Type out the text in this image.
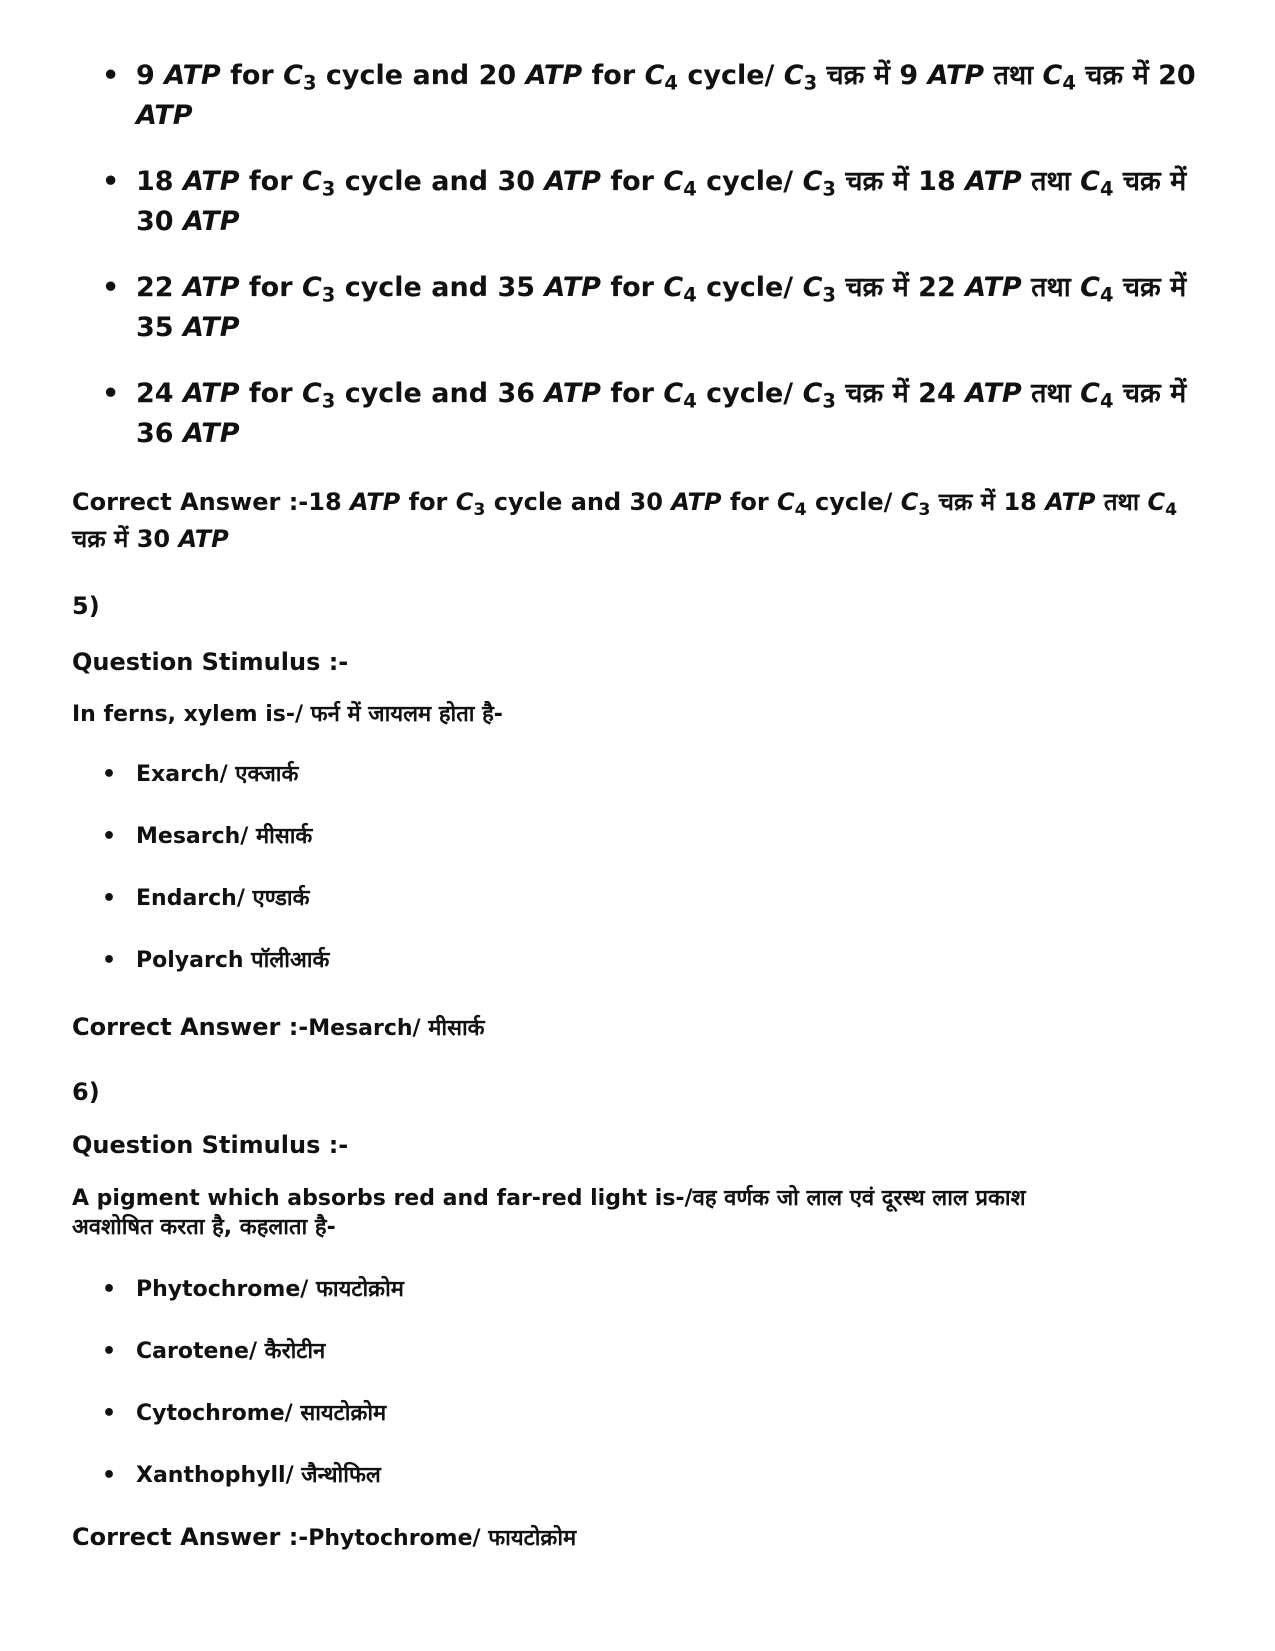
• 9 ATP for $C_3$ cycle and 20 ATP for $C_4$ cycle/ $C_3$ चक्र में 9 ATP तथा $C_4$ चक्र में 20 ATP
• 18 ATP for $C_3$ cycle and 30 ATP for $C_4$ cycle/ $C_3$ चक्र में 18 ATP तथा $C_4$ चक्र में 30 ATP
• 22 ATP for $C_3$ cycle and 35 ATP for $C_4$ cycle/ $C_3$ चक्र में 22 ATP तथा $C_4$ चक्र में 35 ATP
• 24 ATP for $C_3$ cycle and 36 ATP for $C_4$ cycle/ $C_3$ चक्र में 24 ATP तथा $C_4$ चक्र में 36 ATP
Correct Answer :-18 ATP for $C_3$ cycle and 30 ATP for $C_4$ cycle/ $C_3$ चक्र में 18 ATP तथा $C_4$ चक्र में 30 ATP
5)
Question Stimulus :-
In ferns, xylem is-/ फर्न में जायलम होता है-
• Exarch/ एक्जार्क
• Mesarch/ मीसार्क
• Endarch/ एण्डार्क
• Polyarch पॉलीआर्क
Correct Answer :-Mesarch/ मीसार्क
6)
Question Stimulus :-
A pigment which absorbs red and far-red light is-/वह वर्णक जो लाल एवं दूरस्थ लाल प्रकाश
अवशोषित करता है, कहलाता है-
• Phytochrome/ फायटोक्रोम
• Carotene/ कैरोटीन
• Cytochrome/ सायटोक्रोम
• Xanthophyll/ जैन्थोफिल
Correct Answer :-Phytochrome/ फायटोक्रोम
